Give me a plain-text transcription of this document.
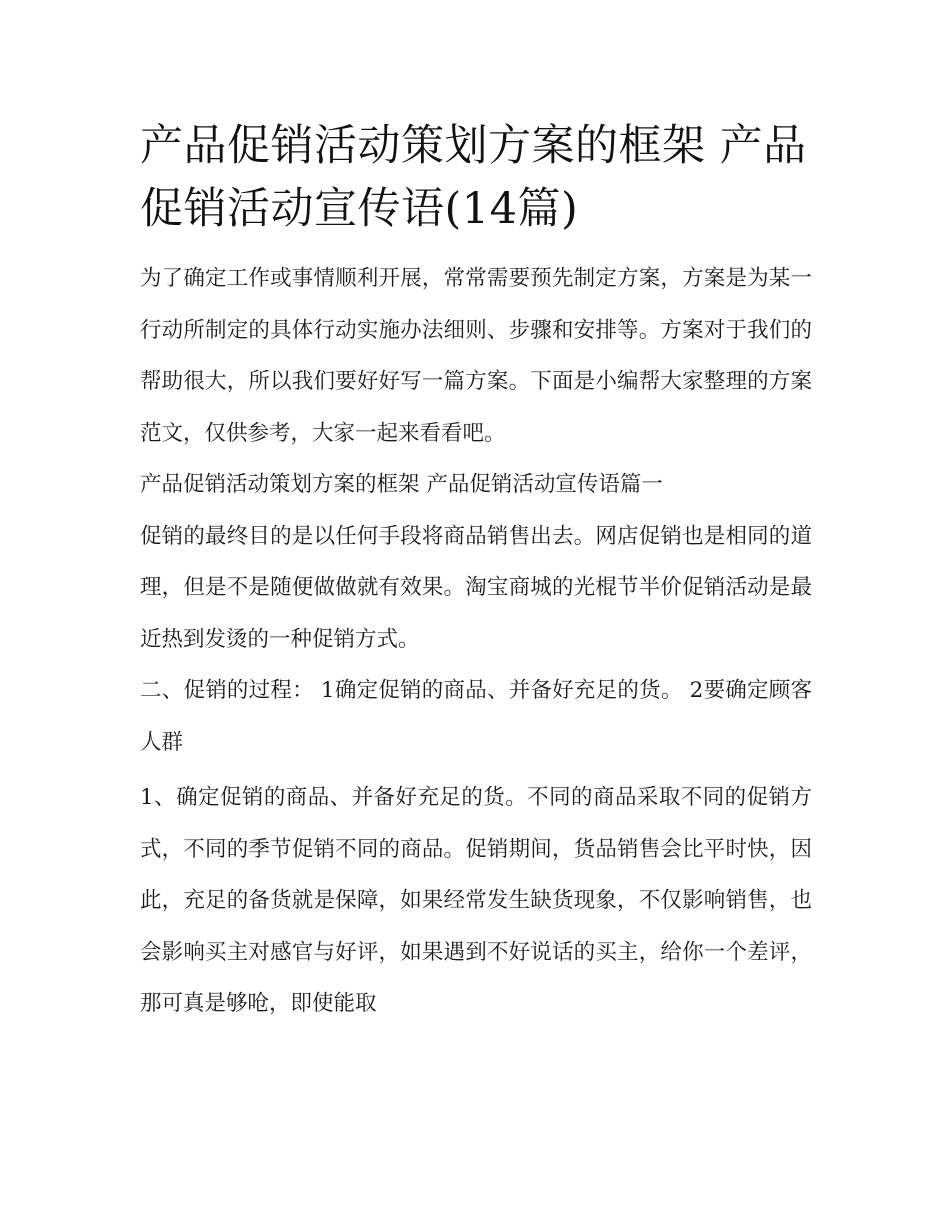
产品促销活动策划方案的框架 产品促销活动宣传语(14篇)

为了确定工作或事情顺利开展，常常需要预先制定方案，方案是为某一行动所制定的具体行动实施办法细则、步骤和安排等。方案对于我们的帮助很大，所以我们要好好写一篇方案。下面是小编帮大家整理的方案范文，仅供参考，大家一起来看看吧。

产品促销活动策划方案的框架 产品促销活动宣传语篇一

促销的最终目的是以任何手段将商品销售出去。网店促销也是相同的道理，但是不是随便做做就有效果。淘宝商城的光棍节半价促销活动是最近热到发烫的一种促销方式。

二、促销的过程： 1确定促销的商品、并备好充足的货。 2要确定顾客人群

1、确定促销的商品、并备好充足的货。不同的商品采取不同的促销方式，不同的季节促销不同的商品。促销期间，货品销售会比平时快，因此，充足的备货就是保障，如果经常发生缺货现象，不仅影响销售，也会影响买主对感官与好评，如果遇到不好说话的买主，给你一个差评，那可真是够呛，即使能取
